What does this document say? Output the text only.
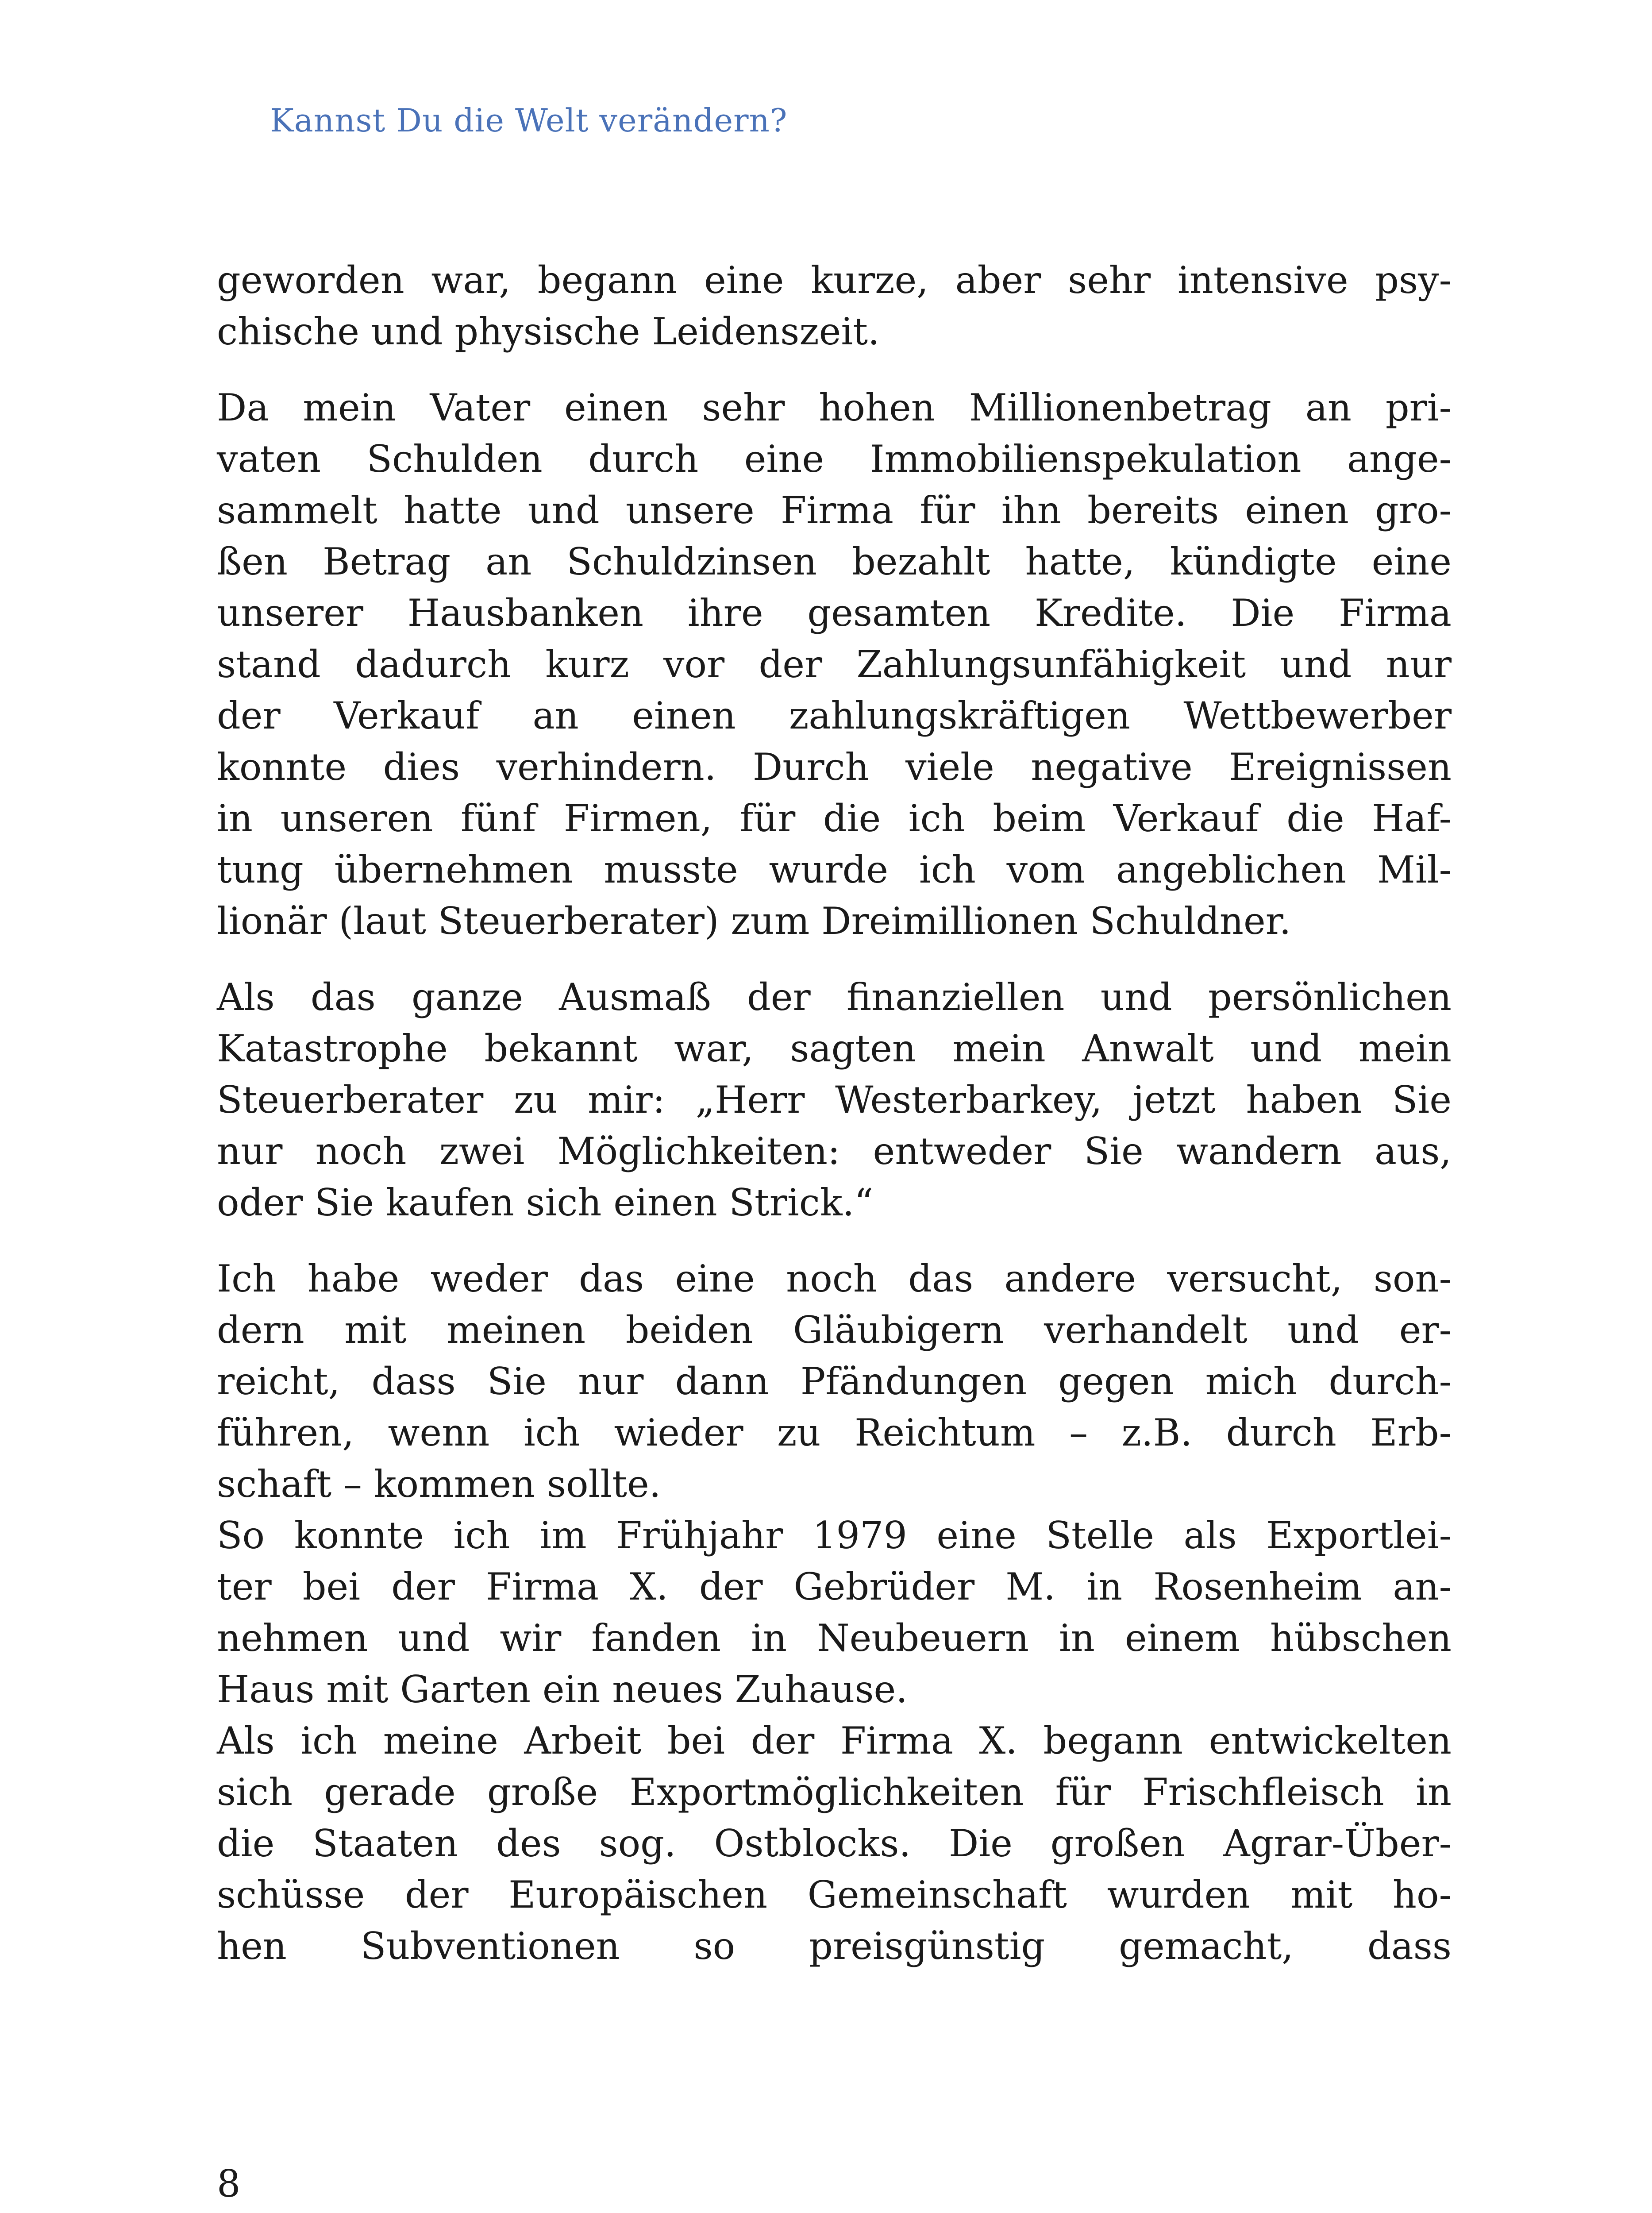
Kannst Du die Welt verändern?

geworden war, begann eine kurze, aber sehr intensive psy-
chische und physische Leidenszeit.

Da mein Vater einen sehr hohen Millionenbetrag an pri-
vaten Schulden durch eine Immobilienspekulation ange-
sammelt hatte und unsere Firma für ihn bereits einen gro-
ßen Betrag an Schuldzinsen bezahlt hatte, kündigte eine
unserer Hausbanken ihre gesamten Kredite. Die Firma
stand dadurch kurz vor der Zahlungsunfähigkeit und nur
der Verkauf an einen zahlungskräftigen Wettbewerber
konnte dies verhindern. Durch viele negative Ereignissen
in unseren fünf Firmen, für die ich beim Verkauf die Haf-
tung übernehmen musste wurde ich vom angeblichen Mil-
lionär (laut Steuerberater) zum Dreimillionen Schuldner.

Als das ganze Ausmaß der finanziellen und persönlichen
Katastrophe bekannt war, sagten mein Anwalt und mein
Steuerberater zu mir: „Herr Westerbarkey, jetzt haben Sie
nur noch zwei Möglichkeiten: entweder Sie wandern aus,
oder Sie kaufen sich einen Strick.“

Ich habe weder das eine noch das andere versucht, son-
dern mit meinen beiden Gläubigern verhandelt und er-
reicht, dass Sie nur dann Pfändungen gegen mich durch-
führen, wenn ich wieder zu Reichtum – z.B. durch Erb-
schaft – kommen sollte.

So konnte ich im Frühjahr 1979 eine Stelle als Exportlei-
ter bei der Firma X. der Gebrüder M. in Rosenheim an-
nehmen und wir fanden in Neubeuern in einem hübschen
Haus mit Garten ein neues Zuhause.

Als ich meine Arbeit bei der Firma X. begann entwickelten
sich gerade große Exportmöglichkeiten für Frischfleisch in
die Staaten des sog. Ostblocks. Die großen Agrar-Über-
schüsse der Europäischen Gemeinschaft wurden mit ho-
hen Subventionen so preisgünstig gemacht, dass

8
